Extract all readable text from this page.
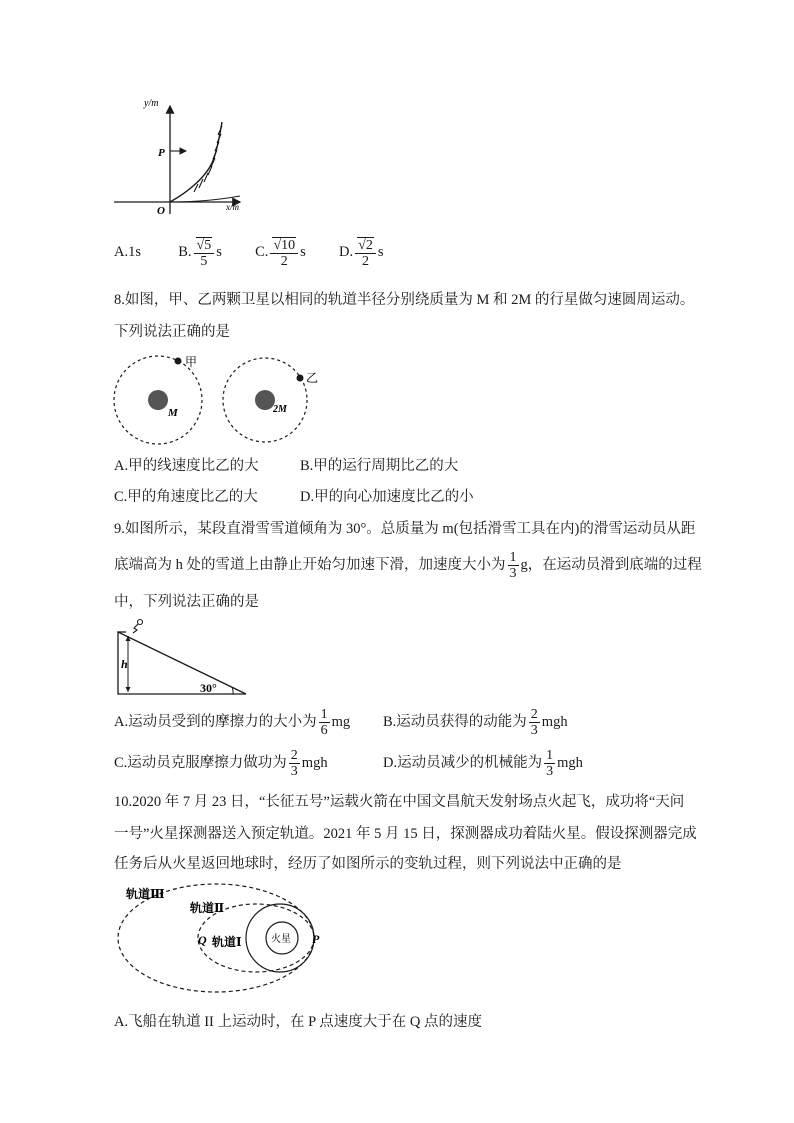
y/m
x/m
O
P
A.1s	B. $\frac{√5}{5}$ s C. $\frac{√10}{2}$ s D. $\frac{√2}{2}$ s
8.如图，甲、乙两颗卫星以相同的轨道半径分别绕质量为 M 和 2M 的行星做匀速圆周运动。
下列说法正确的是
甲
M
乙
2M
A.甲的线速度比乙的大	B.甲的运行周期比乙的大
C.甲的角速度比乙的大	D.甲的向心加速度比乙的小
9.如图所示，某段直滑雪雪道倾角为 30°。总质量为 m(包括滑雪工具在内)的滑雪运动员从距
底端高为 h 处的雪道上由静止开始匀加速下滑，加速度大小为 $\frac{1}{3}$ g，在运动员滑到底端的过程
中，下列说法正确的是
h
30°
A.运动员受到的摩擦力的大小为 $\frac{1}{6}$ mg B.运动员获得的动能为 $\frac{2}{3}$ mgh
C.运动员克服摩擦力做功为 $\frac{2}{3}$ mgh	D.运动员减少的机械能为 $\frac{1}{3}$ mgh
10.2020 年 7 月 23 日，“长征五号”运载火箭在中国文昌航天发射场点火起飞，成功将“天问
一号”火星探测器送入预定轨道。2021 年 5 月 15 日，探测器成功着陆火星。假设探测器完成
任务后从火星返回地球时，经历了如图所示的变轨过程，则下列说法中正确的是
火星
轨道Ⅲ
轨道Ⅱ
轨道Ⅰ
Q	P
A.飞船在轨道 II 上运动时，在 P 点速度大于在 Q 点的速度
